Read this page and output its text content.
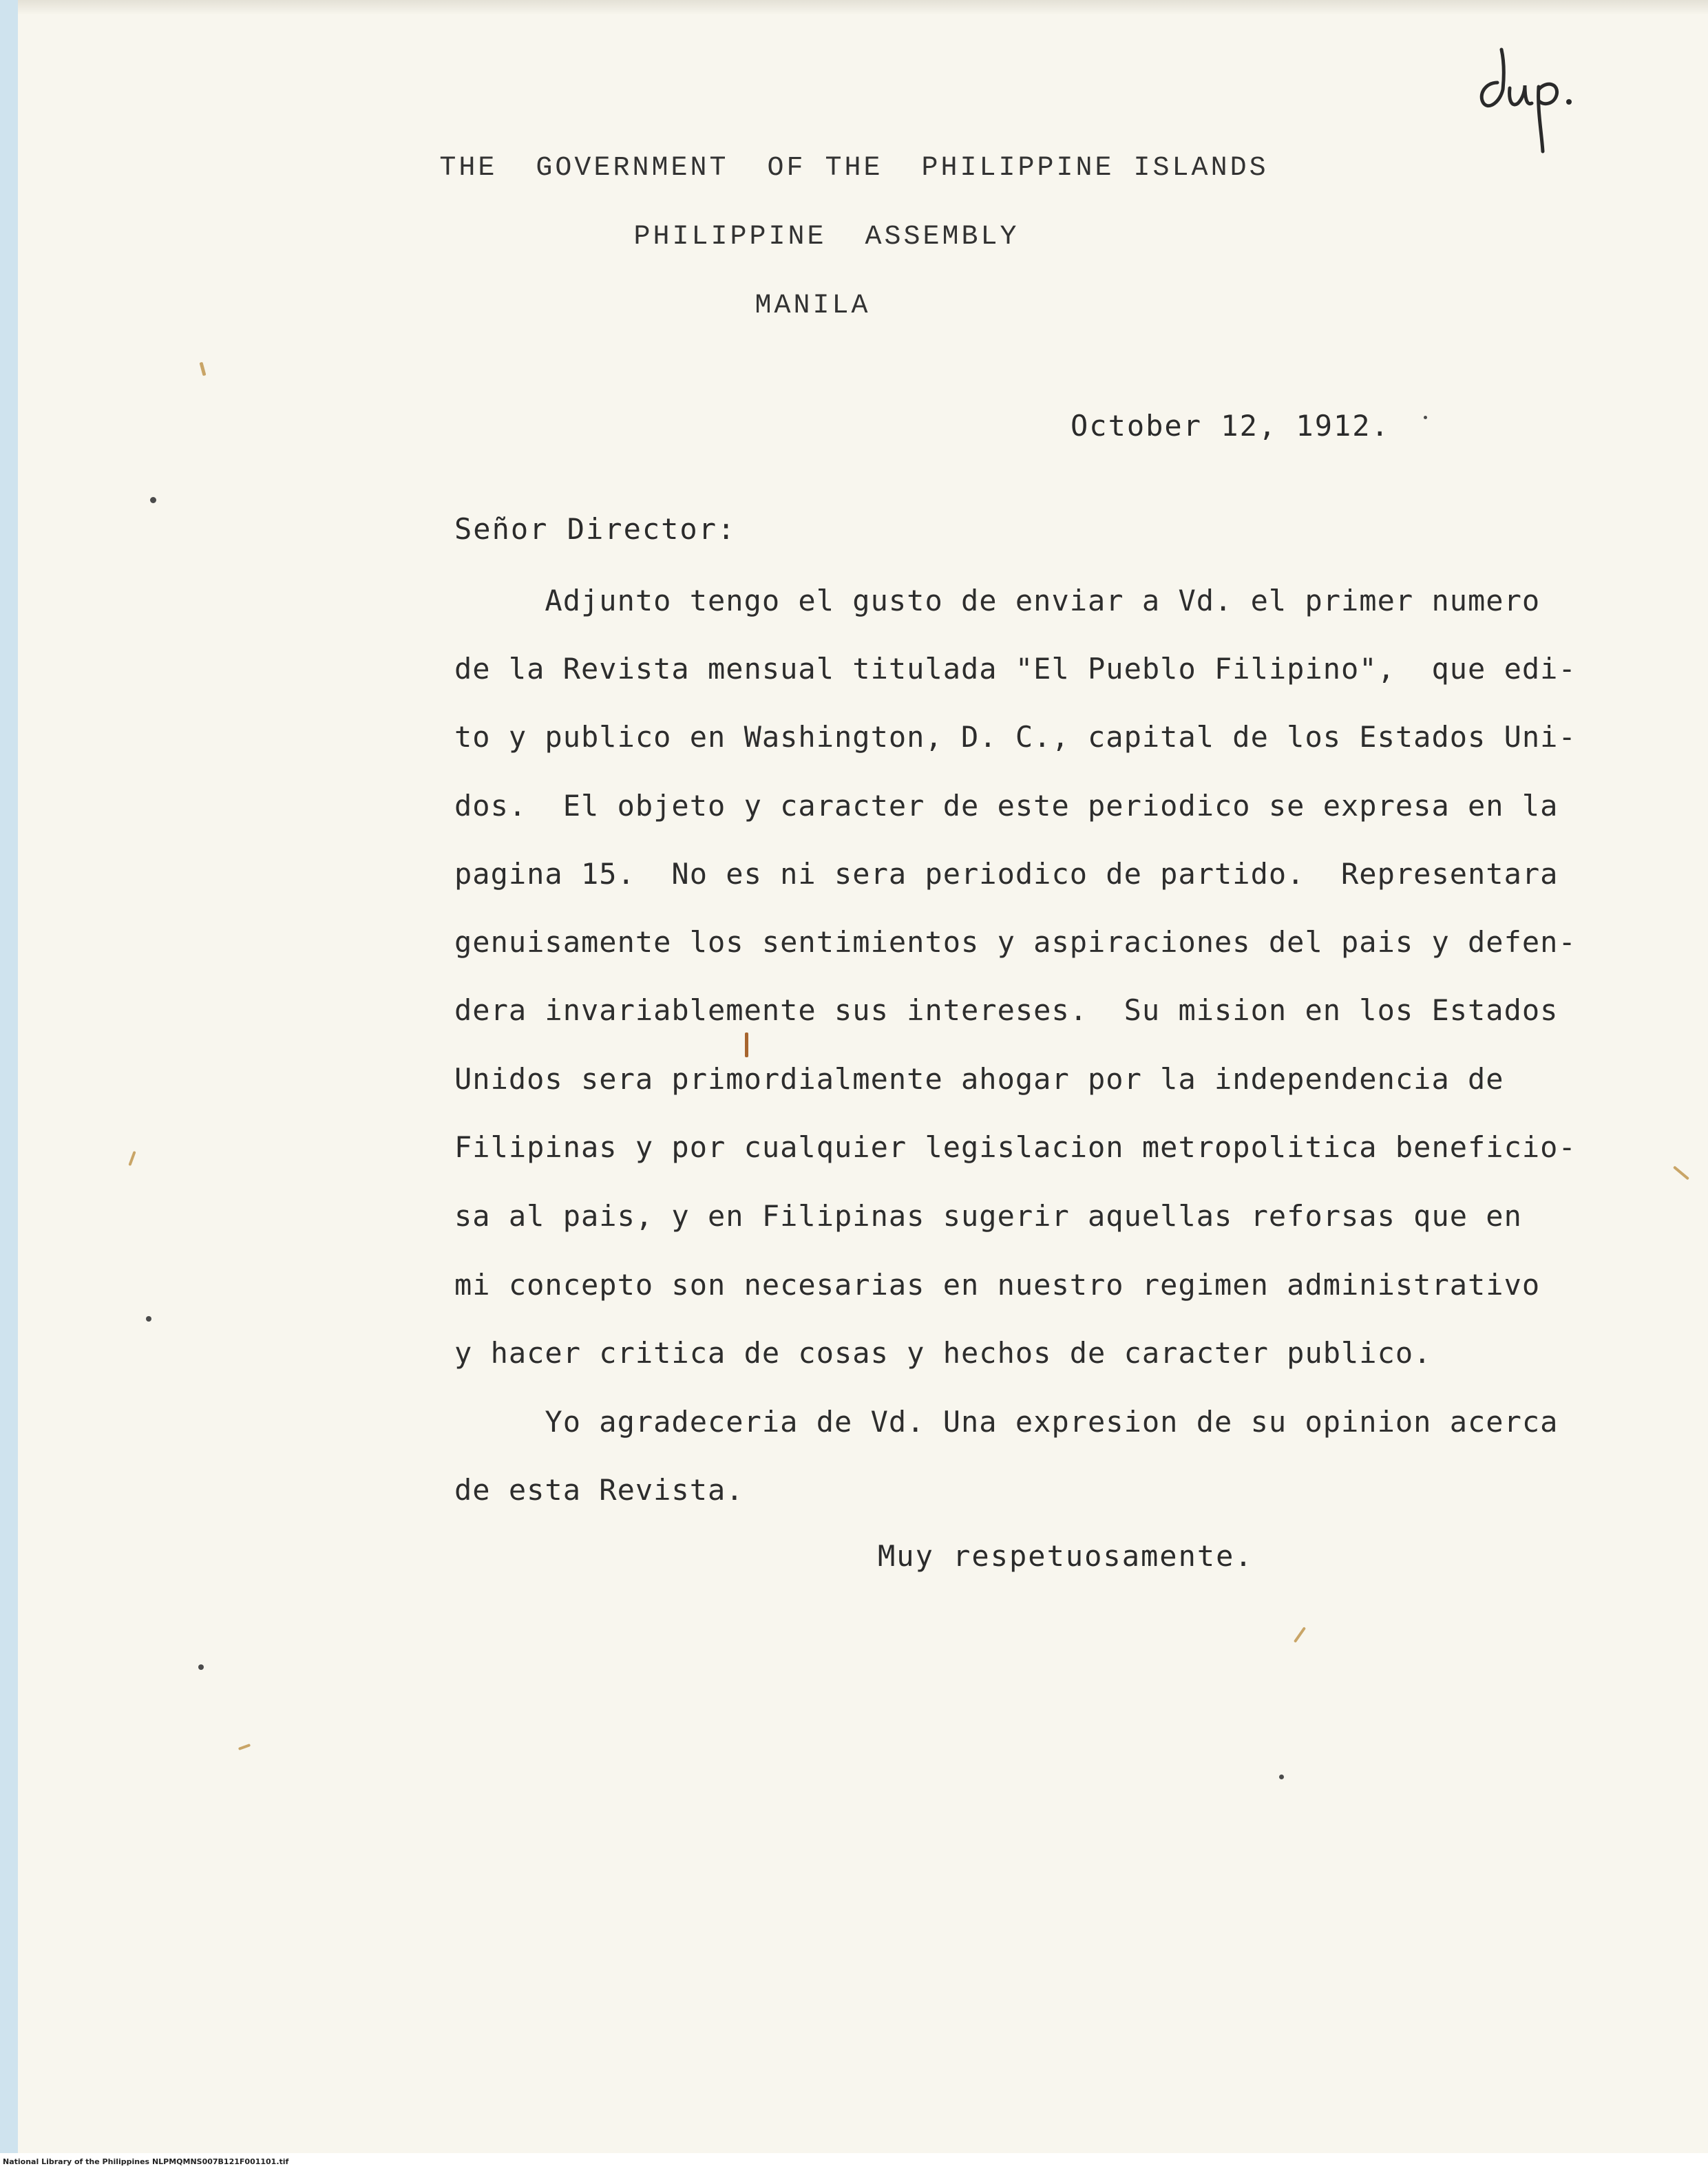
THE  GOVERNMENT  OF THE  PHILIPPINE ISLANDS
PHILIPPINE  ASSEMBLY
MANILA
October 12, 1912.
Señor Director:
Adjunto tengo el gusto de enviar a Vd. el primer numero
de la Revista mensual titulada "El Pueblo Filipino",  que edi-
to y publico en Washington, D. C., capital de los Estados Uni-
dos.  El objeto y caracter de este periodico se expresa en la
pagina 15.  No es ni sera periodico de partido.  Representara
genuisamente los sentimientos y aspiraciones del pais y defen-
dera invariablemente sus intereses.  Su mision en los Estados
Unidos sera primordialmente ahogar por la independencia de
Filipinas y por cualquier legislacion metropolitica beneficio-
sa al pais, y en Filipinas sugerir aquellas reforsas que en
mi concepto son necesarias en nuestro regimen administrativo
y hacer critica de cosas y hechos de caracter publico.
Yo agradeceria de Vd. Una expresion de su opinion acerca
de esta Revista.
Muy respetuosamente.
National Library of the Philippines NLPMQMNS007B121F001101.tif
